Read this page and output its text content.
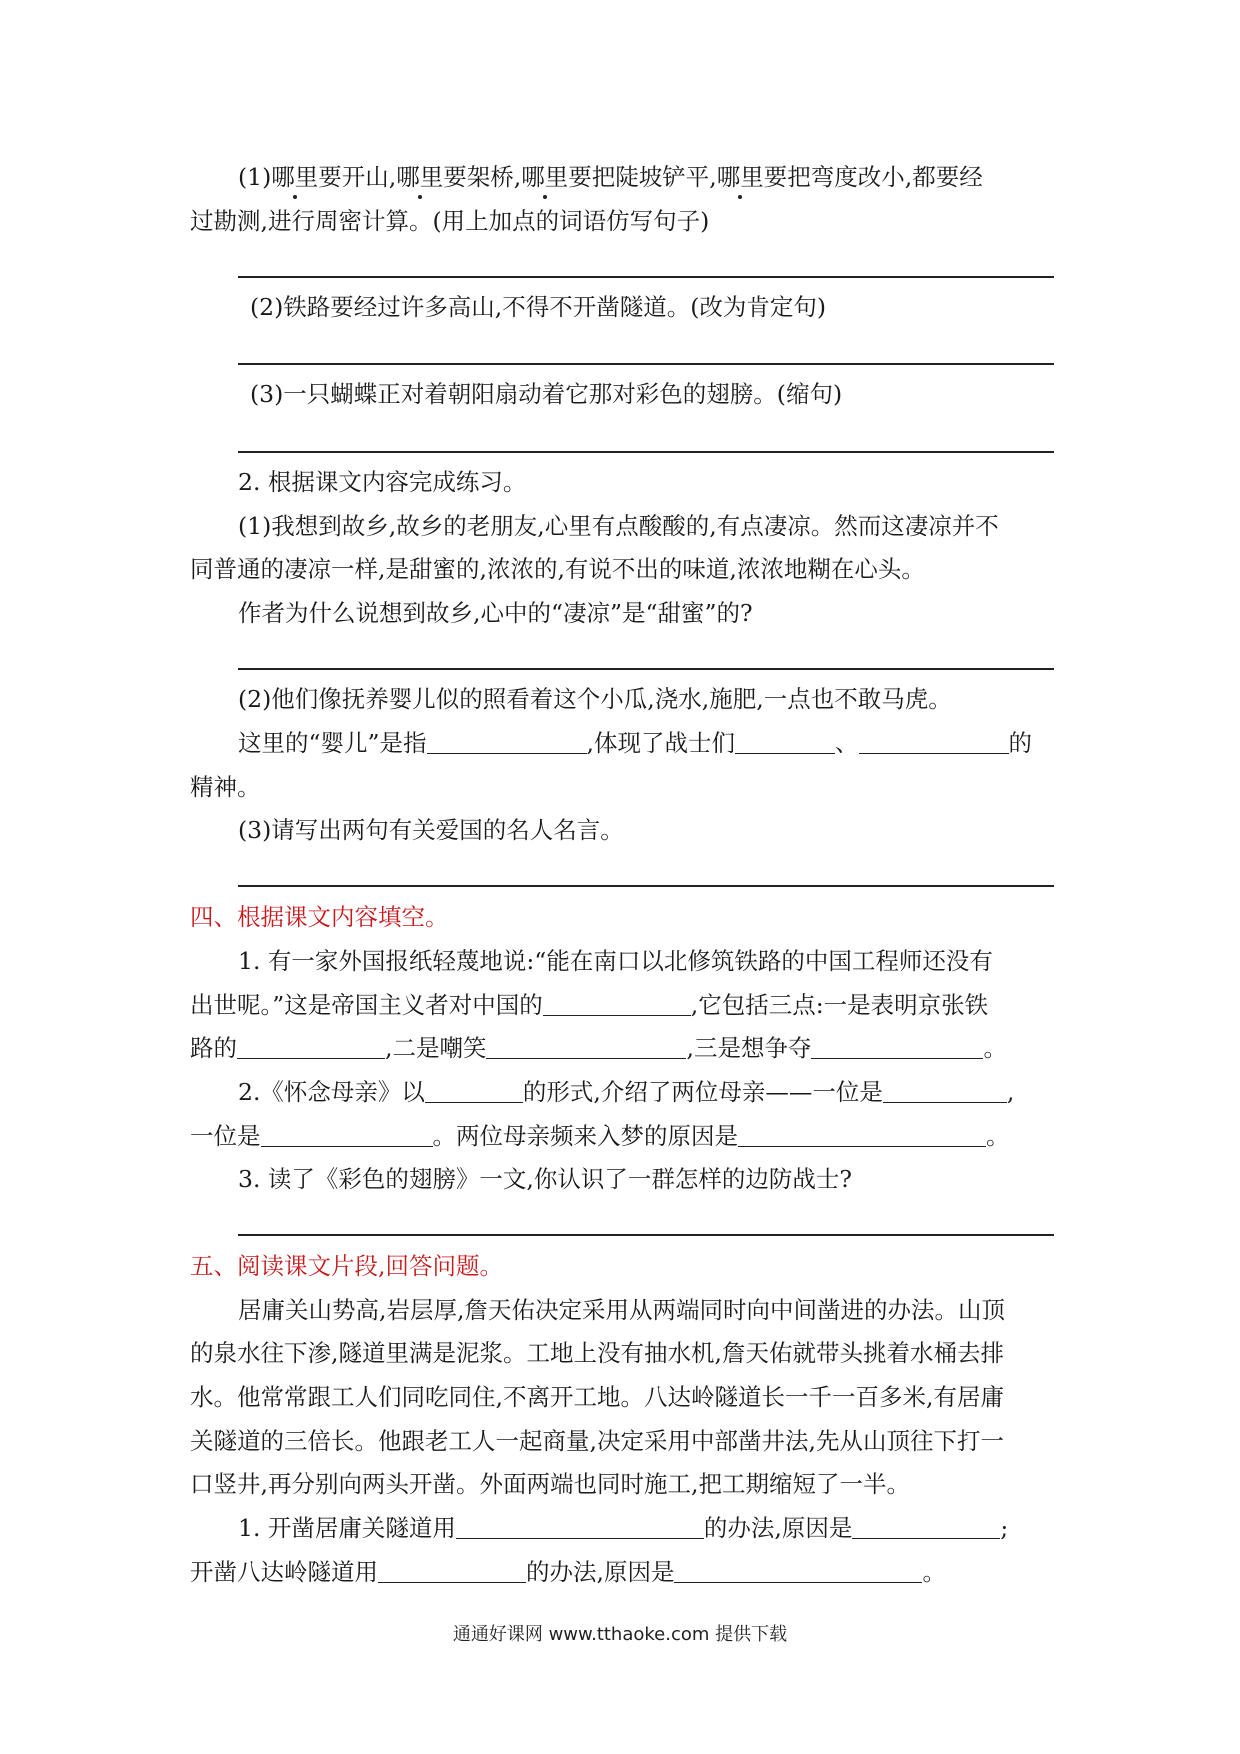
(1)哪里要开山,哪里要架桥,哪里要把陡坡铲平,哪里要把弯度改小,都要经
过勘测,进行周密计算。(用上加点的词语仿写句子)
(2)铁路要经过许多高山,不得不开凿隧道。(改为肯定句)
(3)一只蝴蝶正对着朝阳扇动着它那对彩色的翅膀。(缩句)
2. 根据课文内容完成练习。
(1)我想到故乡,故乡的老朋友,心里有点酸酸的,有点凄凉。然而这凄凉并不
同普通的凄凉一样,是甜蜜的,浓浓的,有说不出的味道,浓浓地糊在心头。
作者为什么说想到故乡,心中的“凄凉”是“甜蜜”的?
(2)他们像抚养婴儿似的照看着这个小瓜,浇水,施肥,一点也不敢马虎。
这里的“婴儿”是指	,体现了战士们	、	的
精神。
(3)请写出两句有关爱国的名人名言。
四、根据课文内容填空。
1. 有一家外国报纸轻蔑地说:“能在南口以北修筑铁路的中国工程师还没有
出世呢。”这是帝国主义者对中国的	,它包括三点:一是表明京张铁
路的	,二是嘲笑	,三是想争夺	。
2.《怀念母亲》以	的形式,介绍了两位母亲——一位是	,
一位是	。两位母亲频来入梦的原因是	。
3. 读了《彩色的翅膀》一文,你认识了一群怎样的边防战士?
五、阅读课文片段,回答问题。
居庸关山势高,岩层厚,詹天佑决定采用从两端同时向中间凿进的办法。山顶
的泉水往下渗,隧道里满是泥浆。工地上没有抽水机,詹天佑就带头挑着水桶去排
水。他常常跟工人们同吃同住,不离开工地。八达岭隧道长一千一百多米,有居庸
关隧道的三倍长。他跟老工人一起商量,决定采用中部凿井法,先从山顶往下打一
口竖井,再分别向两头开凿。外面两端也同时施工,把工期缩短了一半。
1. 开凿居庸关隧道用	的办法,原因是	;
开凿八达岭隧道用	的办法,原因是	。
通通好课网 www.tthaoke.com 提供下载
